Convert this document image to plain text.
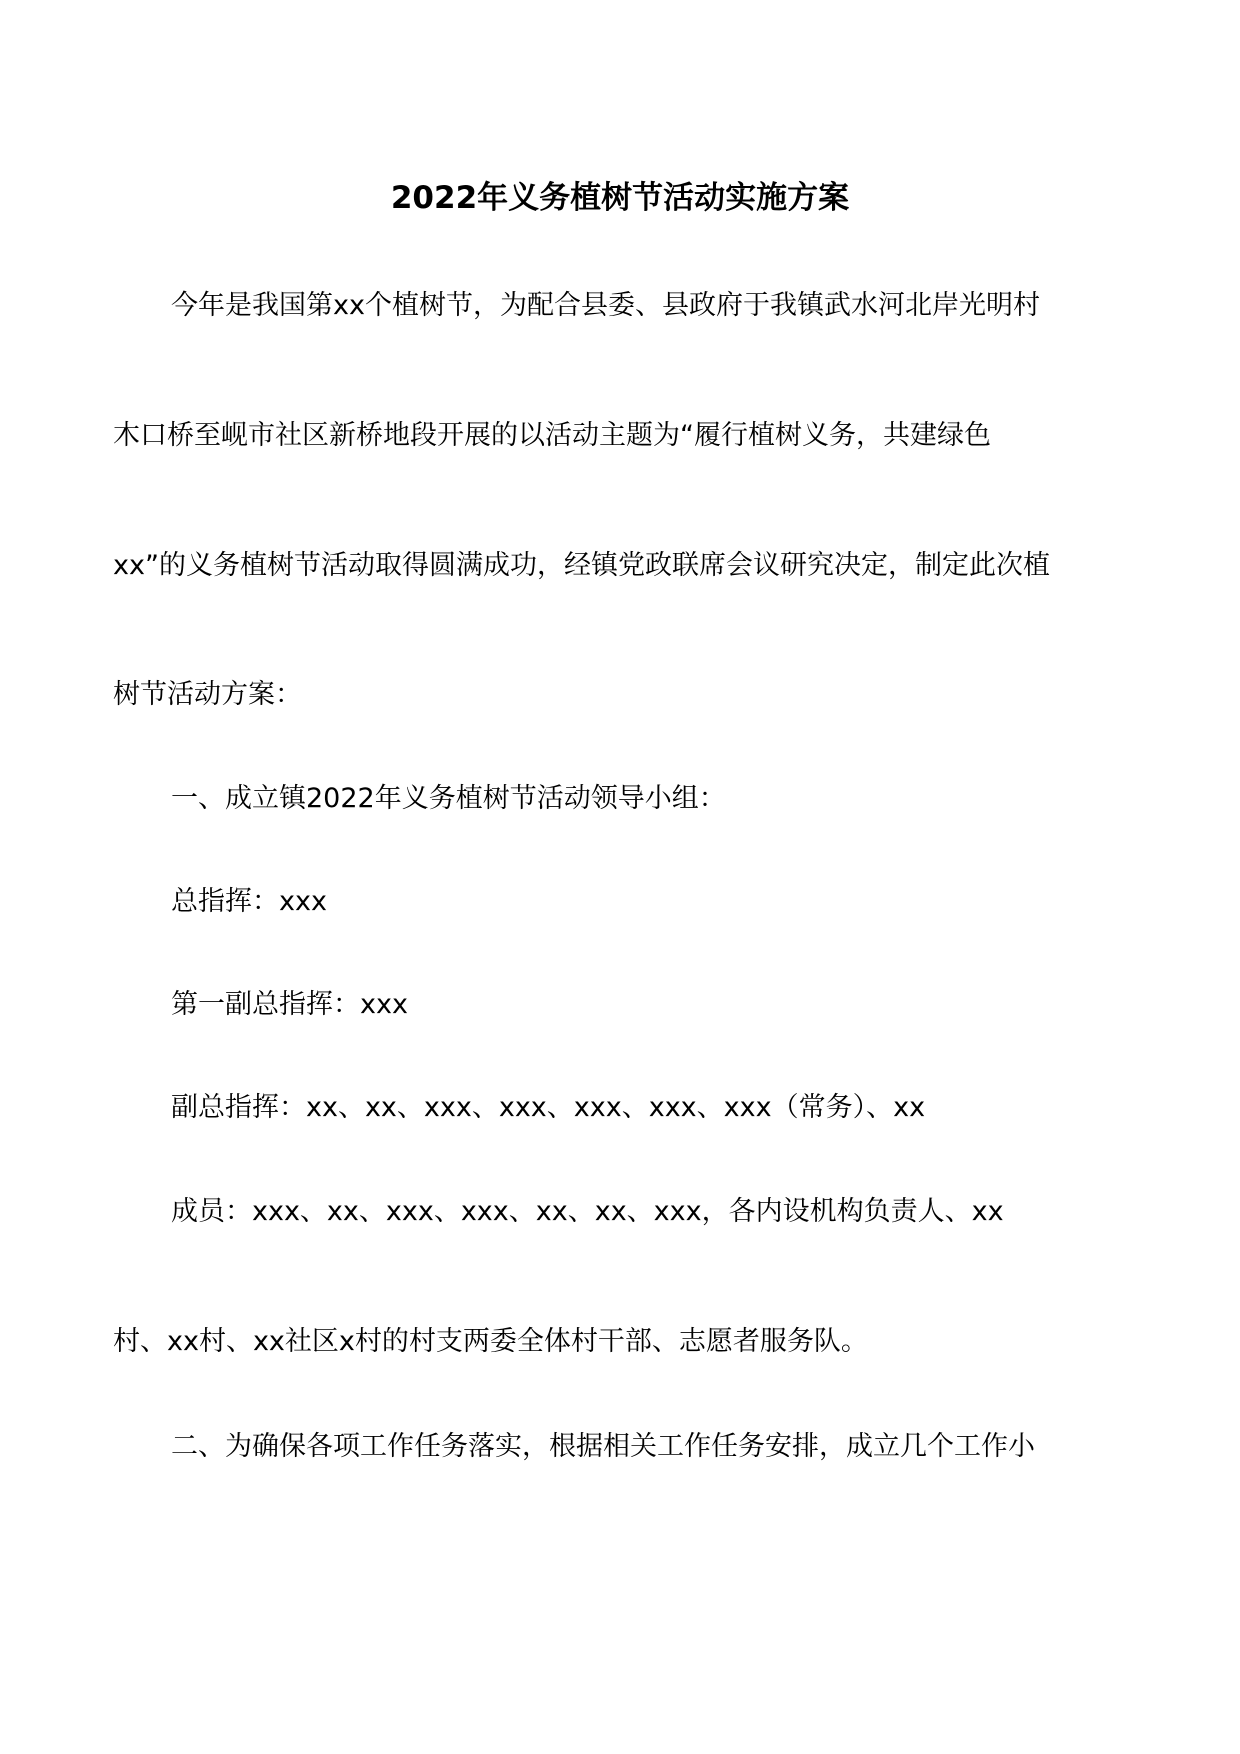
2022年义务植树节活动实施方案
今年是我国第xx个植树节，为配合县委、县政府于我镇武水河北岸光明村
木口桥至岘市社区新桥地段开展的以活动主题为“履行植树义务，共建绿色
xx”的义务植树节活动取得圆满成功，经镇党政联席会议研究决定，制定此次植
树节活动方案：
一、成立镇2022年义务植树节活动领导小组：
总指挥：xxx
第一副总指挥：xxx
副总指挥：xx、xx、xxx、xxx、xxx、xxx、xxx（常务）、xx
成员：xxx、xx、xxx、xxx、xx、xx、xxx，各内设机构负责人、xx
村、xx村、xx社区x村的村支两委全体村干部、志愿者服务队。
二、为确保各项工作任务落实，根据相关工作任务安排，成立几个工作小
